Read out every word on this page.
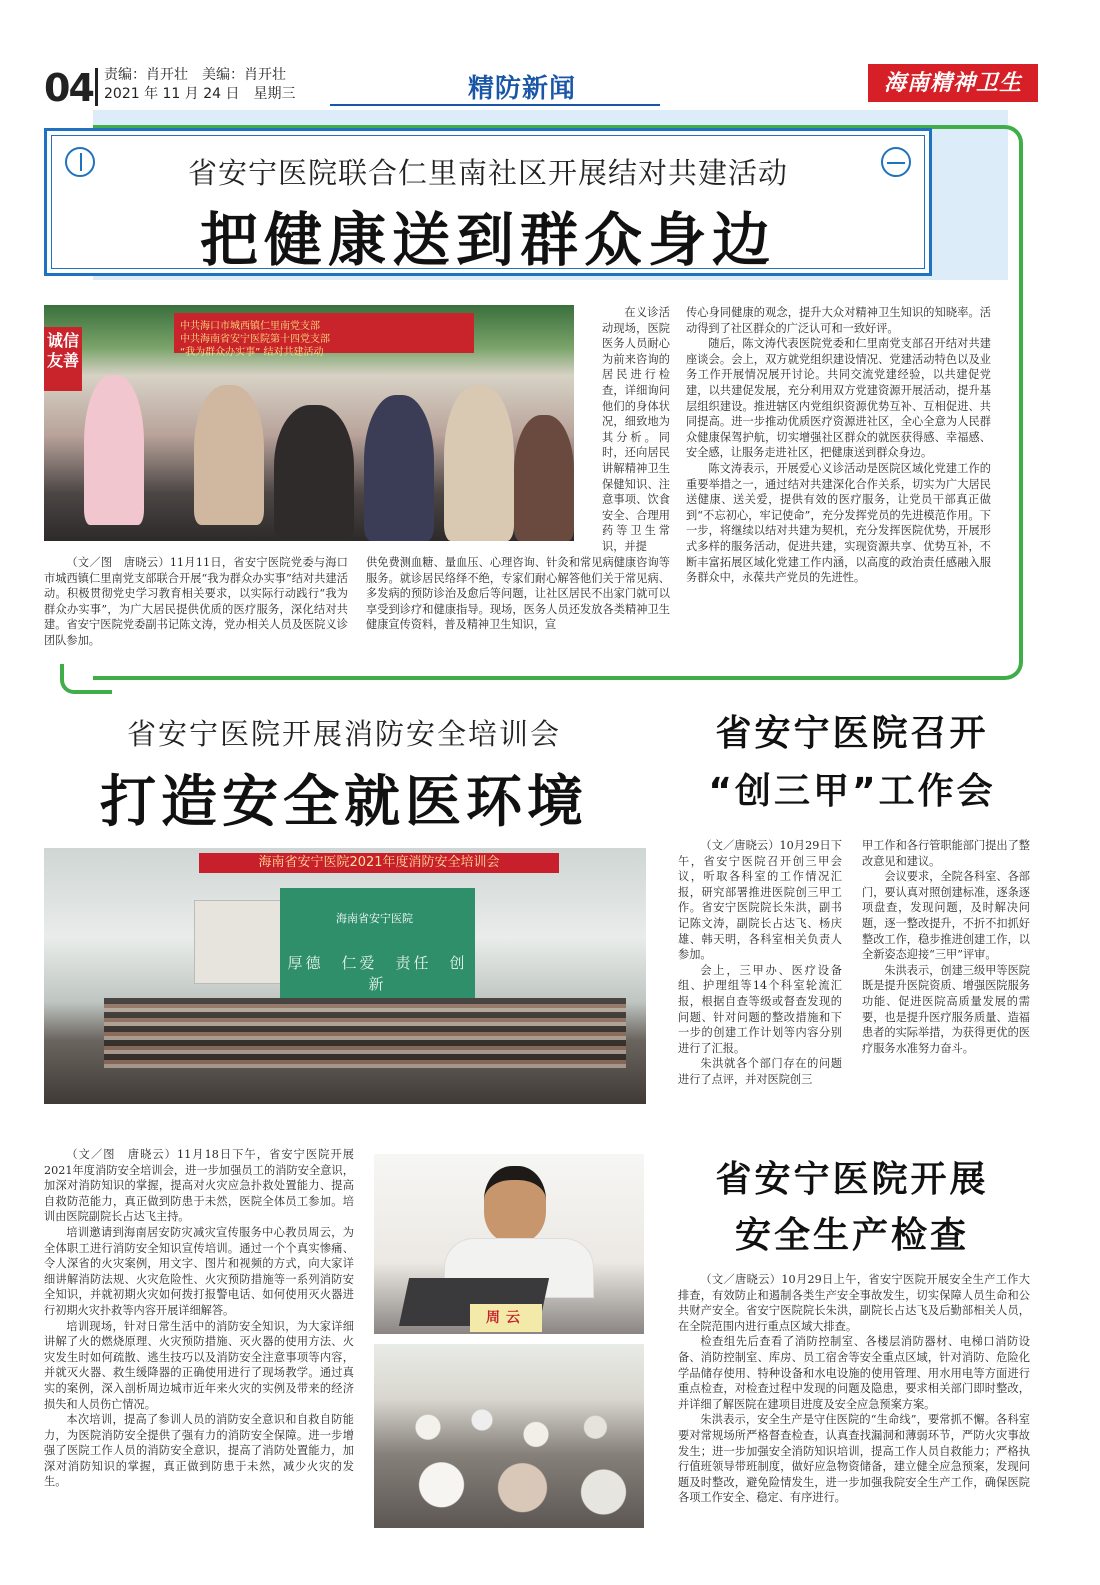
04 责编：肖开壮 美编：肖开壮
2021 年 11 月 24 日 星期三	精防新闻	海南精神卫生
省安宁医院联合仁里南社区开展结对共建活动
把健康送到群众身边
诚信友善
中共海口市城西镇仁里南党支部
中共海南省安宁医院第十四党支部
“我为群众办实事” 结对共建活动

在义诊活动现场，医院医务人员耐心为前来咨询的居民进行检查，详细询问他们的身体状况，细致地为其分析。同时，还向居民讲解精神卫生保健知识、注意事项、饮食安全、合理用药等卫生常识，并提

（文／图　唐晓云）11月11日，省安宁医院党委与海口市城西镇仁里南党支部联合开展“我为群众办实事”结对共建活动。积极贯彻党史学习教育相关要求，以实际行动践行“我为群众办实事”，为广大居民提供优质的医疗服务，深化结对共建。省安宁医院党委副书记陈文涛，党办相关人员及医院义诊团队参加。

供免费测血糖、量血压、心理咨询、针灸和常见病健康咨询等服务。就诊居民络绎不绝，专家们耐心解答他们关于常见病、多发病的预防诊治及愈后等问题，让社区居民不出家门就可以享受到诊疗和健康指导。现场，医务人员还发放各类精神卫生健康宣传资料，普及精神卫生知识，宣

传心身同健康的观念，提升大众对精神卫生知识的知晓率。活动得到了社区群众的广泛认可和一致好评。

随后，陈文涛代表医院党委和仁里南党支部召开结对共建座谈会。会上，双方就党组织建设情况、党建活动特色以及业务工作开展情况展开讨论。共同交流党建经验，以共建促党建，以共建促发展，充分利用双方党建资源开展活动，提升基层组织建设。推进辖区内党组织资源优势互补、互相促进、共同提高。进一步推动优质医疗资源进社区，全心全意为人民群众健康保驾护航，切实增强社区群众的就医获得感、幸福感、安全感，让服务走进社区，把健康送到群众身边。

陈文涛表示，开展爱心义诊活动是医院区域化党建工作的重要举措之一，通过结对共建深化合作关系，切实为广大居民送健康、送关爱，提供有效的医疗服务，让党员干部真正做到“不忘初心，牢记使命”，充分发挥党员的先进模范作用。下一步，将继续以结对共建为契机，充分发挥医院优势，开展形式多样的服务活动，促进共建，实现资源共享、优势互补，不断丰富拓展区域化党建工作内涵，以高度的政治责任感融入服务群众中，永葆共产党员的先进性。

省安宁医院开展消防安全培训会
打造安全就医环境
海南省安宁医院2021年度消防安全培训会
海南省安宁医院
厚德　仁爱　责任　创新

（文／图　唐晓云）11月18日下午，省安宁医院开展2021年度消防安全培训会，进一步加强员工的消防安全意识，加深对消防知识的掌握，提高对火灾应急扑救处置能力、提高自救防范能力，真正做到防患于未然，医院全体员工参加。培训由医院副院长占达飞主持。

培训邀请到海南居安防灾减灾宣传服务中心教员周云，为全体职工进行消防安全知识宣传培训。通过一个个真实惨痛、令人深省的火灾案例，用文字、图片和视频的方式，向大家详细讲解消防法规、火灾危险性、火灾预防措施等一系列消防安全知识，并就初期火灾如何拨打报警电话、如何使用灭火器进行初期火灾扑救等内容开展详细解答。

培训现场，针对日常生活中的消防安全知识，为大家详细讲解了火的燃烧原理、火灾预防措施、灭火器的使用方法、火灾发生时如何疏散、逃生技巧以及消防安全注意事项等内容，并就灭火器、救生缓降器的正确使用进行了现场教学。通过真实的案例，深入剖析周边城市近年来火灾的实例及带来的经济损失和人员伤亡情况。

本次培训，提高了参训人员的消防安全意识和自救自防能力，为医院消防安全提供了强有力的消防安全保障。进一步增强了医院工作人员的消防安全意识，提高了消防处置能力，加深对消防知识的掌握，真正做到防患于未然，减少火灾的发生。

周云
省安宁医院召开
“创三甲”工作会

（文／唐晓云）10月29日下午，省安宁医院召开创三甲会议，听取各科室的工作情况汇报，研究部署推进医院创三甲工作。省安宁医院院长朱洪，副书记陈文涛，副院长占达飞、杨庆雄、韩天明，各科室相关负责人参加。

会上，三甲办、医疗设备组、护理组等14个科室轮流汇报，根据自查等级或督查发现的问题、针对问题的整改措施和下一步的创建工作计划等内容分别进行了汇报。

朱洪就各个部门存在的问题进行了点评，并对医院创三

甲工作和各行管职能部门提出了整改意见和建议。

会议要求，全院各科室、各部门，要认真对照创建标准，逐条逐项盘查，发现问题，及时解决问题，逐一整改提升，不折不扣抓好整改工作，稳步推进创建工作，以全新姿态迎接“三甲”评审。

朱洪表示，创建三级甲等医院既是提升医院资质、增强医院服务功能、促进医院高质量发展的需要，也是提升医疗服务质量、造福患者的实际举措，为获得更优的医疗服务水准努力奋斗。

省安宁医院开展
安全生产检查

（文／唐晓云）10月29日上午，省安宁医院开展安全生产工作大排查，有效防止和遏制各类生产安全事故发生，切实保障人员生命和公共财产安全。省安宁医院院长朱洪，副院长占达飞及后勤部相关人员，在全院范围内进行重点区域大排查。

检查组先后查看了消防控制室、各楼层消防器材、电梯口消防设备、消防控制室、库房、员工宿舍等安全重点区域，针对消防、危险化学品储存使用、特种设备和水电设施的使用管理、用水用电等方面进行重点检查，对检查过程中发现的问题及隐患，要求相关部门即时整改，并详细了解医院在建项目进度及安全应急预案方案。

朱洪表示，安全生产是守住医院的“生命线”，要常抓不懈。各科室要对常规场所严格督查检查，认真查找漏洞和薄弱环节，严防火灾事故发生；进一步加强安全消防知识培训，提高工作人员自救能力；严格执行值班领导带班制度，做好应急物资储备，建立健全应急预案，发现问题及时整改，避免险情发生，进一步加强我院安全生产工作，确保医院各项工作安全、稳定、有序进行。
